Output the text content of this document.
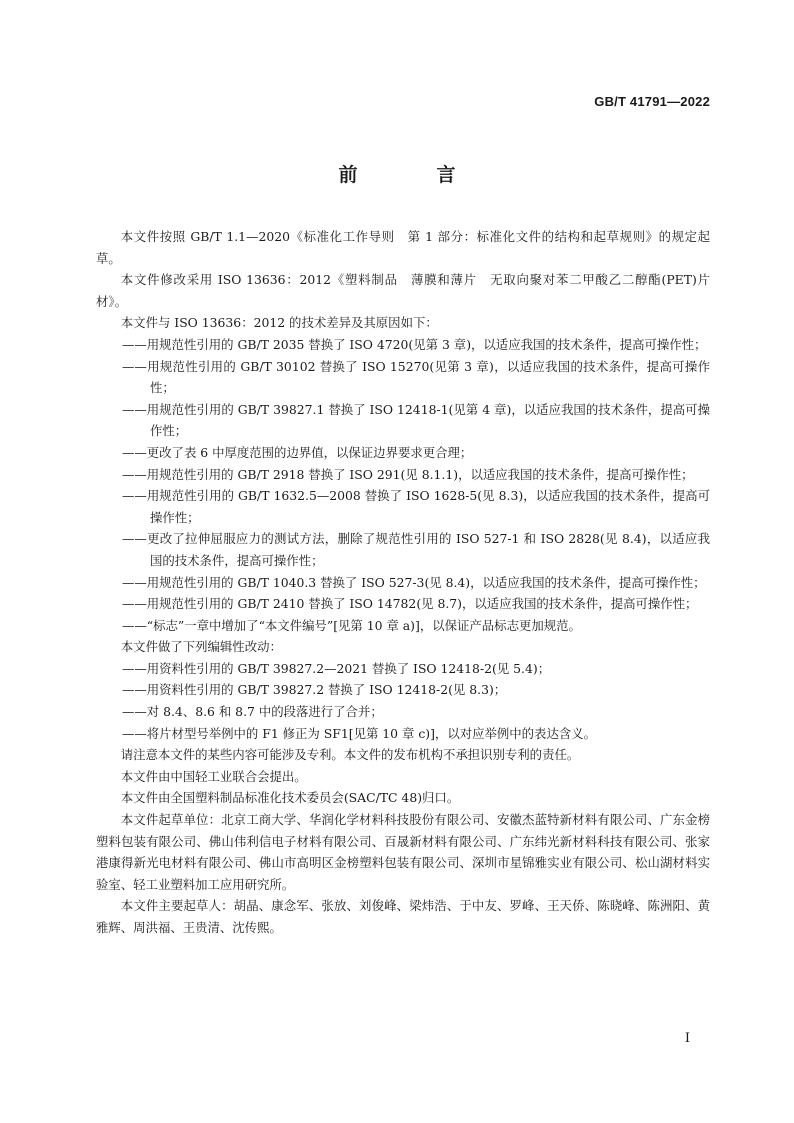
GB/T 41791—2022
前　言

本文件按照 GB/T 1.1—2020《标准化工作导则　第 1 部分：标准化文件的结构和起草规则》的规定起草。

本文件修改采用 ISO 13636：2012《塑料制品　薄膜和薄片　无取向聚对苯二甲酸乙二醇酯(PET)片材》。

本文件与 ISO 13636：2012 的技术差异及其原因如下：

——用规范性引用的 GB/T 2035 替换了 ISO 4720(见第 3 章)，以适应我国的技术条件，提高可操作性；

——用规范性引用的 GB/T 30102 替换了 ISO 15270(见第 3 章)，以适应我国的技术条件，提高可操作性；

——用规范性引用的 GB/T 39827.1 替换了 ISO 12418-1(见第 4 章)，以适应我国的技术条件，提高可操作性；

——更改了表 6 中厚度范围的边界值，以保证边界要求更合理；

——用规范性引用的 GB/T 2918 替换了 ISO 291(见 8.1.1)，以适应我国的技术条件，提高可操作性；

——用规范性引用的 GB/T 1632.5—2008 替换了 ISO 1628-5(见 8.3)，以适应我国的技术条件，提高可操作性；

——更改了拉伸屈服应力的测试方法，删除了规范性引用的 ISO 527-1 和 ISO 2828(见 8.4)，以适应我国的技术条件，提高可操作性；

——用规范性引用的 GB/T 1040.3 替换了 ISO 527-3(见 8.4)，以适应我国的技术条件，提高可操作性；

——用规范性引用的 GB/T 2410 替换了 ISO 14782(见 8.7)，以适应我国的技术条件，提高可操作性；

——“标志”一章中增加了“本文件编号”[见第 10 章 a)]，以保证产品标志更加规范。

本文件做了下列编辑性改动：

——用资料性引用的 GB/T 39827.2—2021 替换了 ISO 12418-2(见 5.4)；

——用资料性引用的 GB/T 39827.2 替换了 ISO 12418-2(见 8.3)；

——对 8.4、8.6 和 8.7 中的段落进行了合并；

——将片材型号举例中的 F1 修正为 SF1[见第 10 章 c)]，以对应举例中的表达含义。

请注意本文件的某些内容可能涉及专利。本文件的发布机构不承担识别专利的责任。

本文件由中国轻工业联合会提出。

本文件由全国塑料制品标准化技术委员会(SAC/TC 48)归口。

本文件起草单位：北京工商大学、华润化学材料科技股份有限公司、安徽杰蓝特新材料有限公司、广东金榜塑料包装有限公司、佛山伟利信电子材料有限公司、百晟新材料有限公司、广东纬光新材料科技有限公司、张家港康得新光电材料有限公司、佛山市高明区金榜塑料包装有限公司、深圳市星锦雅实业有限公司、松山湖材料实验室、轻工业塑料加工应用研究所。

本文件主要起草人：胡晶、康念军、张放、刘俊峰、梁炜浩、于中友、罗峰、王天侨、陈晓峰、陈洲阳、黄雅辉、周洪福、王贵清、沈传熙。

I
